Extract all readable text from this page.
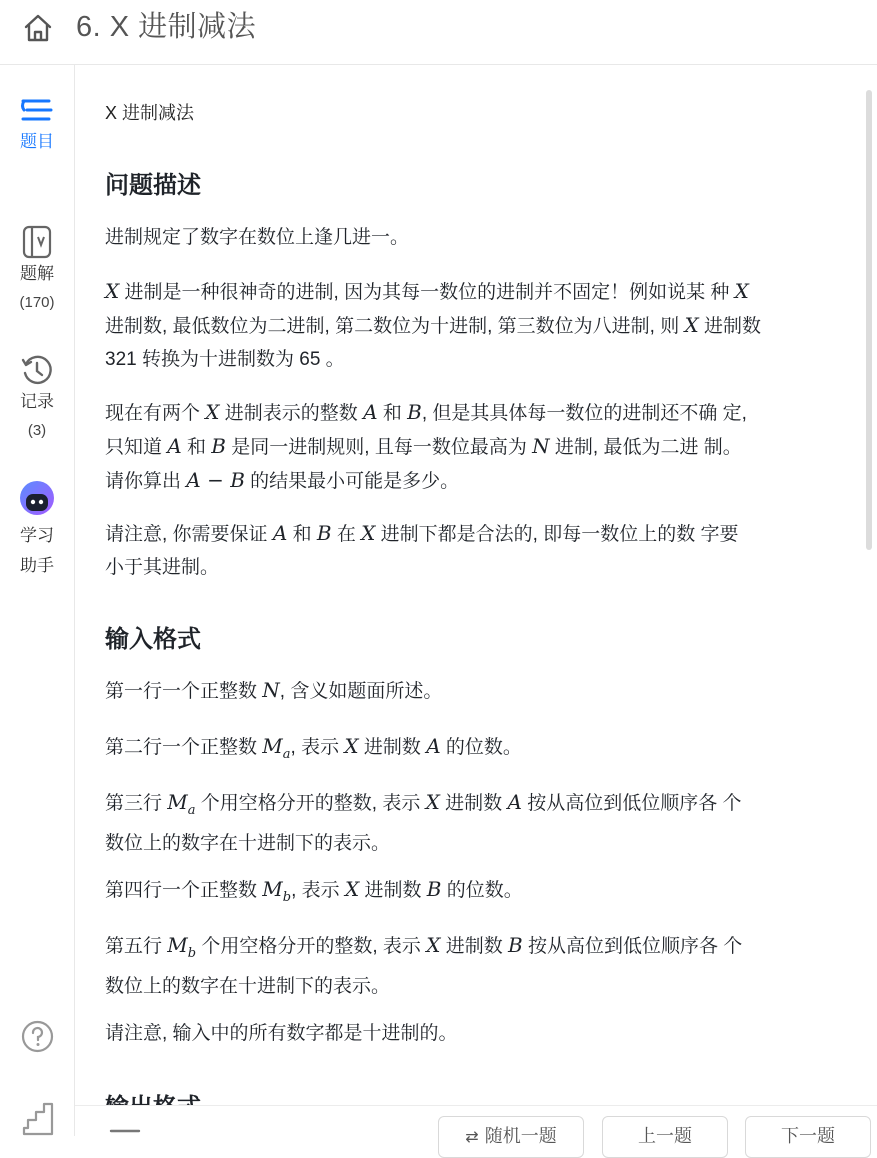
6. X 进制减法
题目
题解
(170)
记录
(3)
学习
助手
X 进制减法
问题描述
进制规定了数字在数位上逢几进一。
X 进制是一种很神奇的进制, 因为其每一数位的进制并不固定！例如说某 种 X
进制数, 最低数位为二进制, 第二数位为十进制, 第三数位为八进制, 则 X 进制数
321 转换为十进制数为 65 。
现在有两个 X 进制表示的整数 A 和 B, 但是其具体每一数位的进制还不确 定,
只知道 A 和 B 是同一进制规则, 且每一数位最高为 N 进制, 最低为二进 制。
请你算出 A − B 的结果最小可能是多少。
请注意, 你需要保证 A 和 B 在 X 进制下都是合法的, 即每一数位上的数 字要
小于其进制。
输入格式
第一行一个正整数 N, 含义如题面所述。
第二行一个正整数 $M_a$, 表示 X 进制数 A 的位数。
第三行 $M_a$ 个用空格分开的整数, 表示 X 进制数 A 按从高位到低位顺序各 个
数位上的数字在十进制下的表示。
第四行一个正整数 $M_b$, 表示 X 进制数 B 的位数。
第五行 $M_b$ 个用空格分开的整数, 表示 X 进制数 B 按从高位到低位顺序各 个
数位上的数字在十进制下的表示。
请注意, 输入中的所有数字都是十进制的。
⇄ 随机一题	上一题	下一题
